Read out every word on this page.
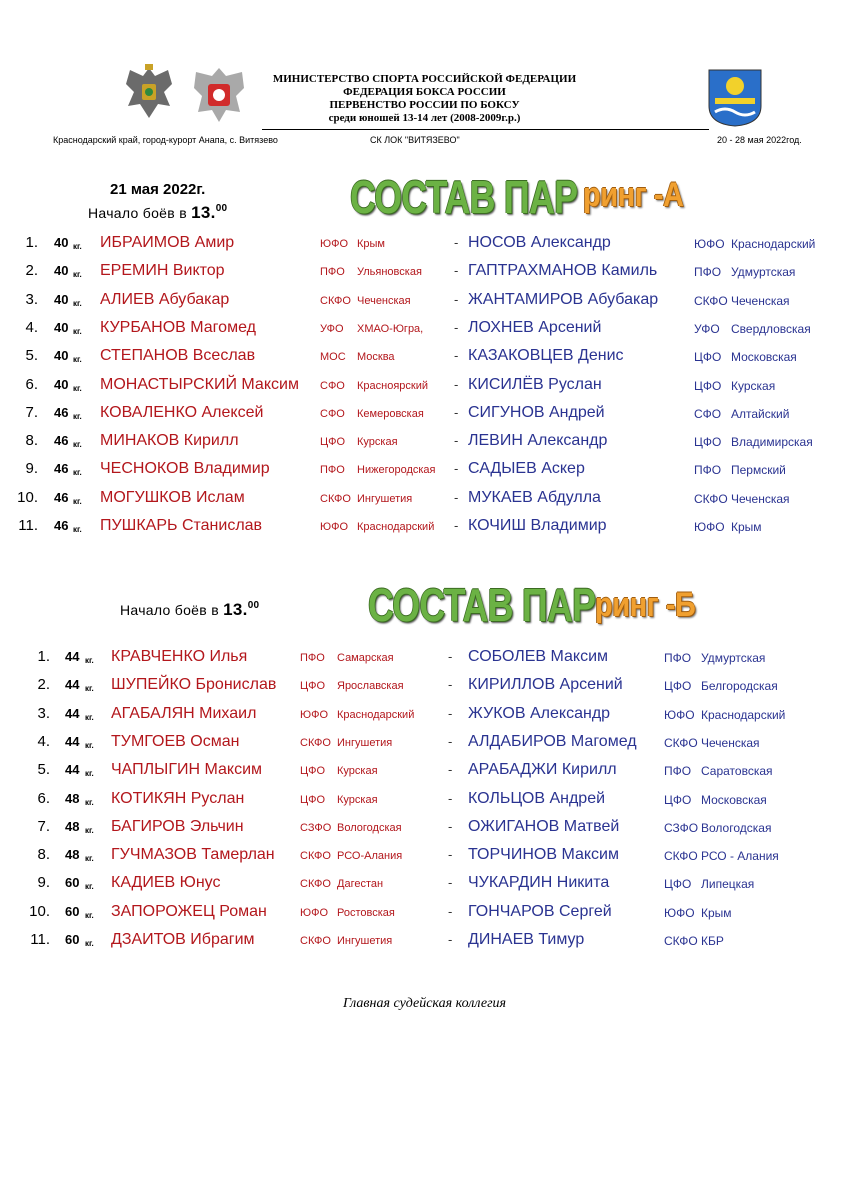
МИНИСТЕРСТВО СПОРТА РОССИЙСКОЙ ФЕДЕРАЦИИ
ФЕДЕРАЦИЯ БОКСА РОССИИ
ПЕРВЕНСТВО РОССИИ ПО БОКСУ
среди юношей 13-14 лет (2008-2009г.р.)
Краснодарский край, город-курорт Анапа, с. Витязево	СК ЛОК "ВИТЯЗЕВО"	20 - 28 мая 2022год.
21 мая 2022г.
Начало боёв в 13.00	СОСТАВ ПАР ринг -А
1. 40 кг. ИБРАИМОВ Амир	ЮФО Крым	- НОСОВ Александр	ЮФО Краснодарский
2. 40 кг. ЕРЕМИН Виктор	ПФО Ульяновская - ГАПТРАХМАНОВ Камиль	ПФО Удмуртская
3. 40 кг. АЛИЕВ Абубакар	СКФО Чеченская	- ЖАНТАМИРОВ Абубакар	СКФО Чеченская
4. 40 кг. КУРБАНОВ Магомед	УФО ХМАО-Югра, - ЛОХНЕВ Арсений	УФО Свердловская
5. 40 кг. СТЕПАНОВ Всеслав	МОС Москва	- КАЗАКОВЦЕВ Денис	ЦФО Московская
6. 40 кг. МОНАСТЫРСКИЙ Максим СФО Красноярский - КИСИЛЁВ Руслан	ЦФО Курская
7. 46 кг. КОВАЛЕНКО Алексей	СФО Кемеровская - СИГУНОВ Андрей	СФО Алтайский
8. 46 кг. МИНАКОВ Кирилл	ЦФО Курская	- ЛЕВИН Александр	ЦФО Владимирская
9. 46 кг. ЧЕСНОКОВ Владимир	ПФО Нижегородская - САДЫЕВ Аскер	ПФО Пермский
10. 46 кг. МОГУШКОВ Ислам	СКФО Ингушетия	- МУКАЕВ Абдулла	СКФО Чеченская
11. 46 кг. ПУШКАРЬ Станислав	ЮФО Краснодарский - КОЧИШ Владимир	ЮФО Крым
Начало боёв в 13.00 СОСТАВ ПАР ринг -Б
1. 44 кг. КРАВЧЕНКО Илья	ПФО Самарская	- СОБОЛЕВ Максим	ПФО Удмуртская
2. 44 кг. ШУПЕЙКО Бронислав ЦФО Ярославская	- КИРИЛЛОВ Арсений	ЦФО Белгородская
3. 44 кг. АГАБАЛЯН Михаил	ЮФО Краснодарский	- ЖУКОВ Александр	ЮФО Краснодарский
4. 44 кг. ТУМГОЕВ Осман	СКФО Ингушетия	- АЛДАБИРОВ Магомед СКФО Чеченская
5. 44 кг. ЧАПЛЫГИН Максим	ЦФО Курская	- АРАБАДЖИ Кирилл	ПФО Саратовская
6. 48 кг. КОТИКЯН Руслан	ЦФО Курская	- КОЛЬЦОВ Андрей	ЦФО Московская
7. 48 кг. БАГИРОВ Эльчин	СЗФО Вологодская	- ОЖИГАНОВ Матвей	СЗФО Вологодская
8. 48 кг. ГУЧМАЗОВ Тамерлан СКФО РСО-Алания	- ТОРЧИНОВ Максим	СКФО РСО - Алания
9. 60 кг. КАДИЕВ Юнус	СКФО Дагестан	- ЧУКАРДИН Никита	ЦФО Липецкая
10. 60 кг. ЗАПОРОЖЕЦ Роман	ЮФО Ростовская	- ГОНЧАРОВ Сергей	ЮФО Крым
11. 60 кг. ДЗАИТОВ Ибрагим	СКФО Ингушетия	- ДИНАЕВ Тимур	СКФО КБР
Главная судейская коллегия
